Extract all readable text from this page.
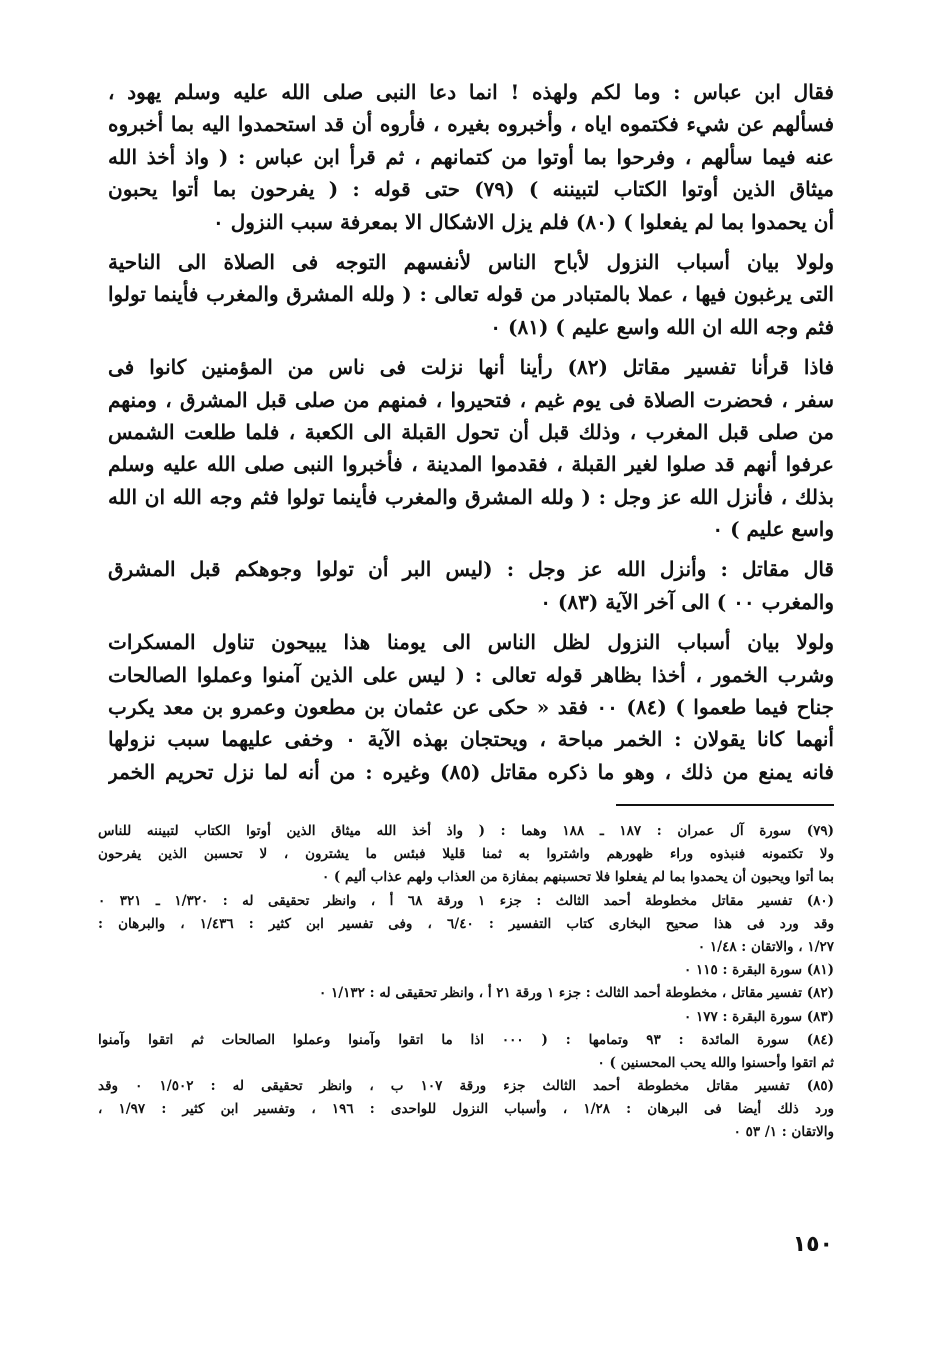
فقال ابن عباس : وما لكم ولهذه ! انما دعا النبى صلى الله عليه وسلم يهود ،
فسألهم عن شيء فكتموه اياه ، وأخبروه بغيره ، فأروه أن قد استحمدوا اليه بما أخبروه
عنه فيما سألهم ، وفرحوا بما أوتوا من كتمانهم ، ثم قرأ ابن عباس : ( واذ أخذ الله
ميثاق الذين أوتوا الكتاب لتبيننه ) (٧٩) حتى قوله : ( يفرحون بما أتوا يحبون
أن يحمدوا بما لم يفعلوا ) (٨٠) فلم يزل الاشكال الا بمعرفة سبب النزول ٠
ولولا بيان أسباب النزول لأباح الناس لأنفسهم التوجه فى الصلاة الى الناحية
التى يرغبون فيها ، عملا بالمتبادر من قوله تعالى : ( ولله المشرق والمغرب فأينما تولوا
فثم وجه الله ان الله واسع عليم ) (٨١) ٠
فاذا قرأنا تفسير مقاتل (٨٢) رأينا أنها نزلت فى ناس من المؤمنين كانوا فى
سفر ، فحضرت الصلاة فى يوم غيم ، فتحيروا ، فمنهم من صلى قبل المشرق ، ومنهم
من صلى قبل المغرب ، وذلك قبل أن تحول القبلة الى الكعبة ، فلما طلعت الشمس
عرفوا أنهم قد صلوا لغير القبلة ، فقدموا المدينة ، فأخبروا النبى صلى الله عليه وسلم
بذلك ، فأنزل الله عز وجل : ( ولله المشرق والمغرب فأينما تولوا فثم وجه الله ان الله
واسع عليم ) ٠
قال مقاتل : وأنزل الله عز وجل : (ليس البر أن تولوا وجوهكم قبل المشرق
والمغرب ٠٠ ) الى آخر الآية (٨٣) ٠
ولولا بيان أسباب النزول لظل الناس الى يومنا هذا يبيحون تناول المسكرات
وشرب الخمور ، أخذا بظاهر قوله تعالى : ( ليس على الذين آمنوا وعملوا الصالحات
جناح فيما طعموا ) (٨٤) ٠٠ فقد « حكى عن عثمان بن مطعون وعمرو بن معد يكرب
أنهما كانا يقولان : الخمر مباحة ، ويحتجان بهذه الآية ٠ وخفى عليهما سبب نزولها
فانه يمنع من ذلك ، وهو ما ذكره مقاتل (٨٥) وغيره : من أنه لما نزل تحريم الخمر
(٧٩) سورة آل عمران : ١٨٧ ـ ١٨٨ وهما : ( واذ أخذ الله ميثاق الذين أوتوا الكتاب لتبيننه للناس
ولا تكتمونه فنبذوه وراء ظهورهم واشتروا به ثمنا قليلا فبئس ما يشترون ، لا تحسبن الذين يفرحون
بما أتوا ويحبون أن يحمدوا بما لم يفعلوا فلا تحسبنهم بمفازة من العذاب ولهم عذاب أليم ) ٠
(٨٠) تفسير مقاتل مخطوطة أحمد الثالث : جزء ١ ورقة ٦٨ أ ، وانظر تحقيقى له : ١/٣٢٠ ـ ٣٢١ ٠
وقد ورد فى هذا صحيح البخارى كتاب التفسير : ٦/٤٠ ، وفى تفسير ابن كثير : ١/٤٣٦ ، والبرهان :
١/٢٧ ، والاتقان : ١/٤٨ ٠
(٨١) سورة البقرة : ١١٥ ٠
(٨٢) تفسير مقاتل ، مخطوطة أحمد الثالث : جزء ١ ورقة ٢١ أ ، وانظر تحقيقى له : ١/١٣٢ ٠
(٨٣) سورة البقرة : ١٧٧ ٠
(٨٤) سورة المائدة : ٩٣ وتمامها : ( ٠٠٠ اذا ما اتقوا وآمنوا وعملوا الصالحات ثم اتقوا وآمنوا
ثم اتقوا وأحسنوا والله يحب المحسنين ) ٠
(٨٥) تفسير مقاتل مخطوطة أحمد الثالث جزء ورقة ١٠٧ ب ، وانظر تحقيقى له : ١/٥٠٢ ٠ وقد
ورد ذلك أيضا فى البرهان : ١/٢٨ ، وأسباب النزول للواحدى : ١٩٦ ، وتفسير ابن كثير : ١/٩٧ ،
والاتقان : ١/ ٥٣ ٠
١٥٠
